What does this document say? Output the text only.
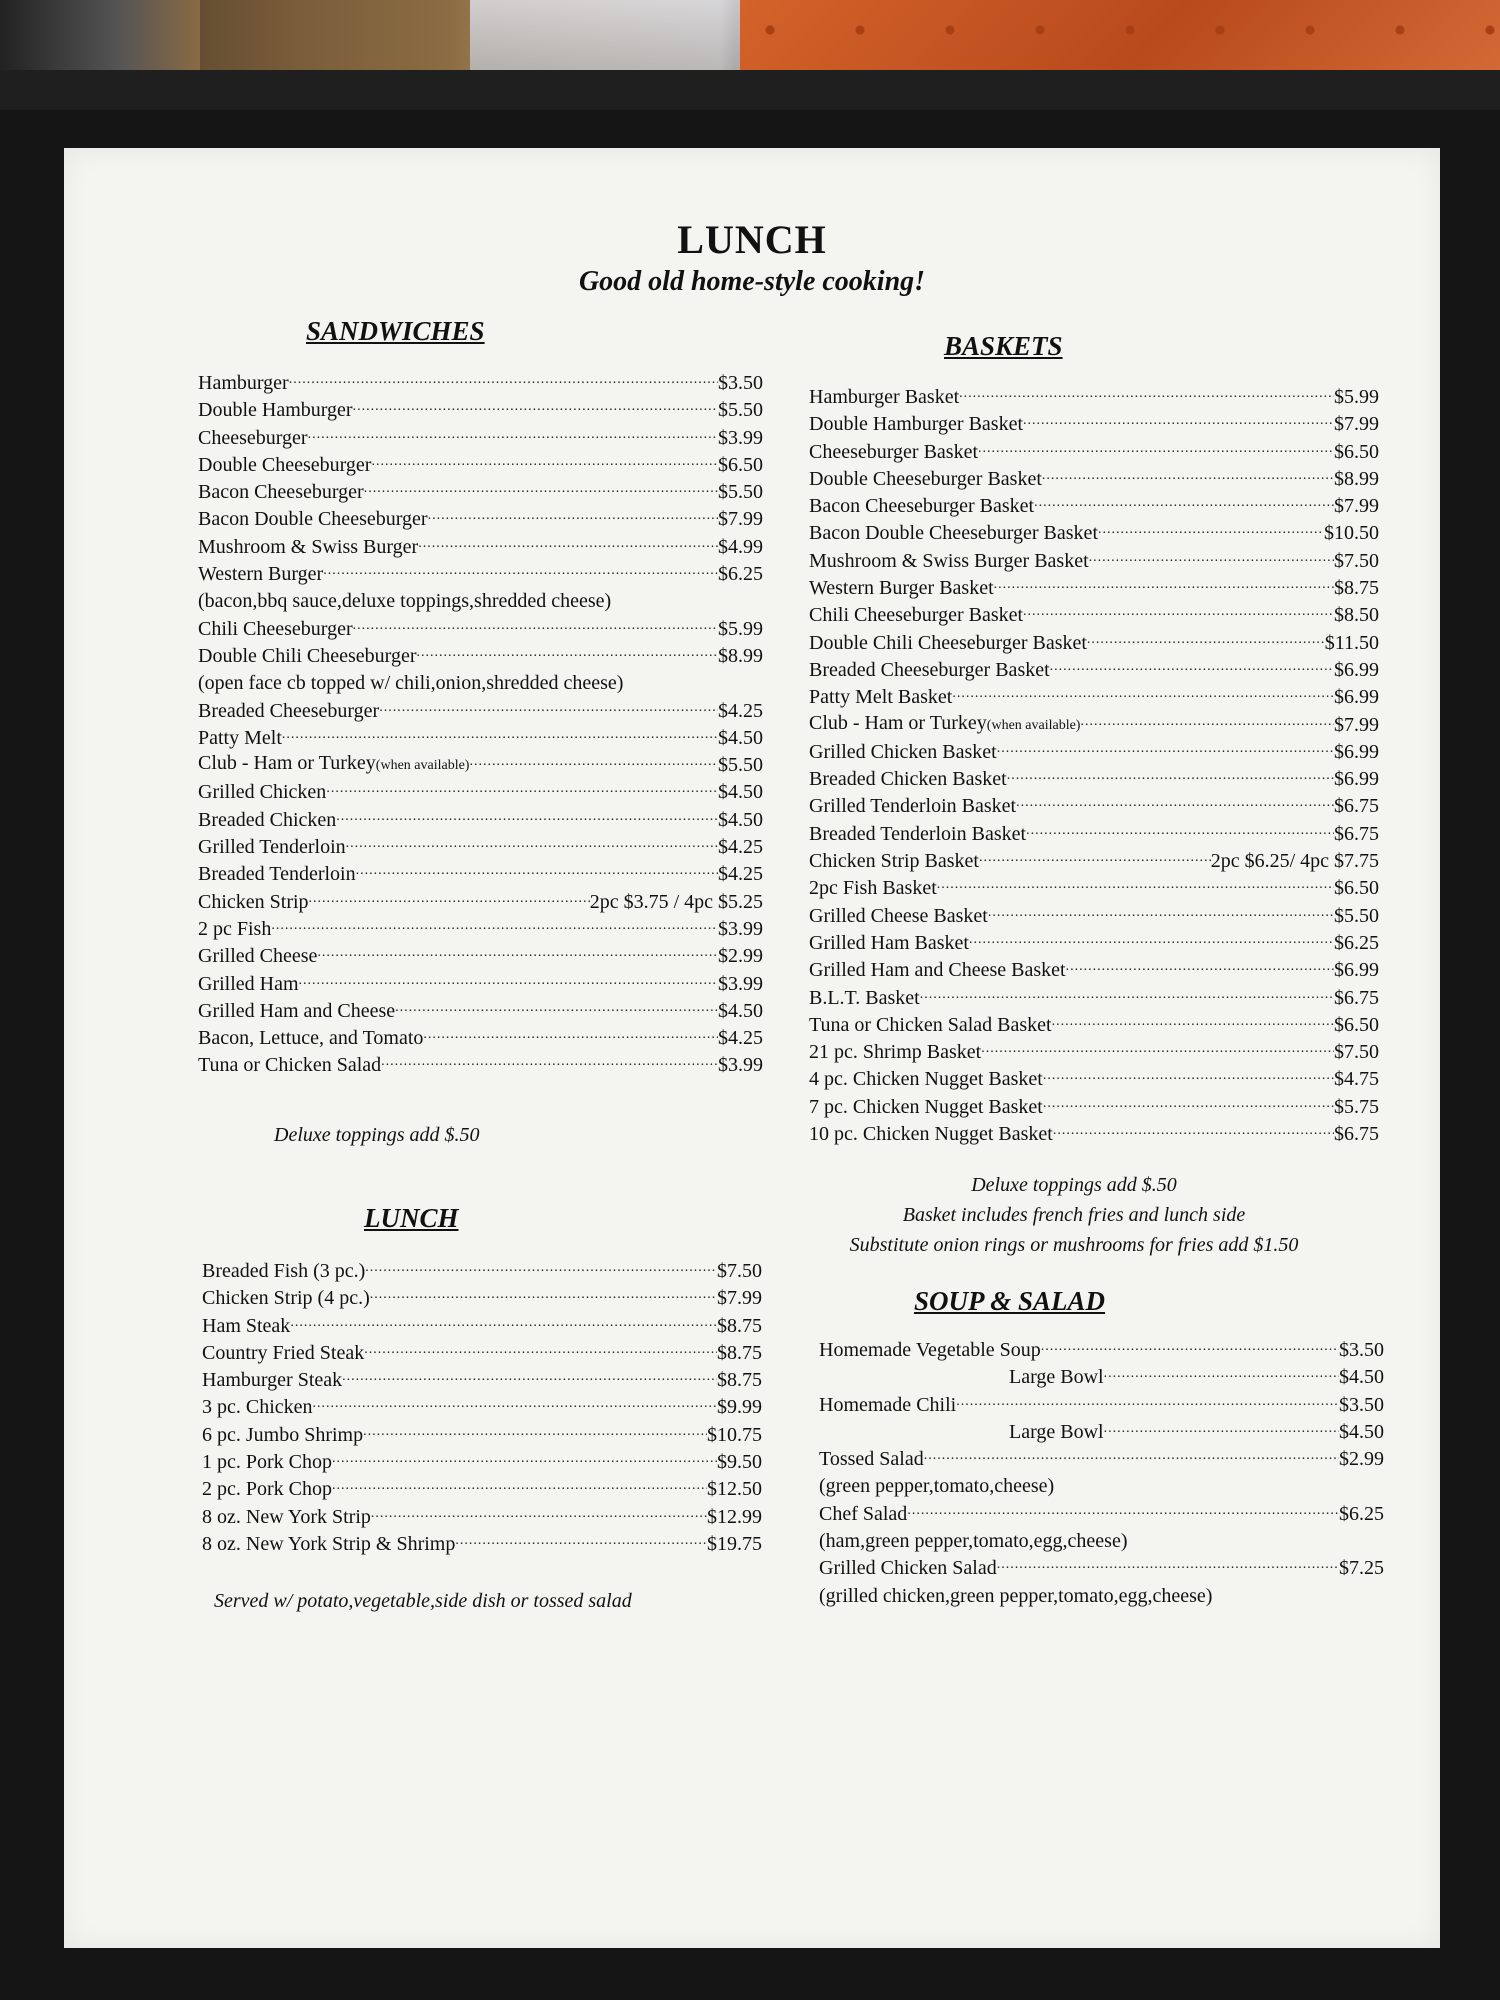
LUNCH
Good old home-style cooking!
SANDWICHES
Hamburger .....	$3.50
Double Hamburger .....	$5.50
Cheeseburger .....	$3.99
Double Cheeseburger .....	$6.50
Bacon Cheeseburger .....	$5.50
Bacon Double Cheeseburger .....	$7.99
Mushroom & Swiss Burger .....	$4.99
Western Burger .....	$6.25
(bacon,bbq sauce,deluxe toppings,shredded cheese)
Chili Cheeseburger .....	$5.99
Double Chili Cheeseburger .....	$8.99
(open face cb topped w/ chili,onion,shredded cheese)
Breaded Cheeseburger .....	$4.25
Patty Melt .....	$4.50
Club - Ham or Turkey(when available) .....	$5.50
Grilled Chicken .....	$4.50
Breaded Chicken .....	$4.50
Grilled Tenderloin .....	$4.25
Breaded Tenderloin .....	$4.25
Chicken Strip .....	2pc $3.75 / 4pc $5.25
2 pc Fish .....	$3.99
Grilled Cheese .....	$2.99
Grilled Ham .....	$3.99
Grilled Ham and Cheese .....	$4.50
Bacon, Lettuce, and Tomato .....	$4.25
Tuna or Chicken Salad .....	$3.99
Deluxe toppings add $.50
BASKETS
Hamburger Basket .....	$5.99
Double Hamburger Basket .....	$7.99
Cheeseburger Basket .....	$6.50
Double Cheeseburger Basket .....	$8.99
Bacon Cheeseburger Basket .....	$7.99
Bacon Double Cheeseburger Basket .....	$10.50
Mushroom & Swiss Burger Basket .....	$7.50
Western Burger Basket .....	$8.75
Chili Cheeseburger Basket .....	$8.50
Double Chili Cheeseburger Basket .....	$11.50
Breaded Cheeseburger Basket .....	$6.99
Patty Melt Basket .....	$6.99
Club - Ham or Turkey(when available) .....	$7.99
Grilled Chicken Basket .....	$6.99
Breaded Chicken Basket .....	$6.99
Grilled Tenderloin Basket .....	$6.75
Breaded Tenderloin Basket .....	$6.75
Chicken Strip Basket .....	2pc $6.25/ 4pc $7.75
2pc Fish Basket .....	$6.50
Grilled Cheese Basket .....	$5.50
Grilled Ham Basket .....	$6.25
Grilled Ham and Cheese Basket .....	$6.99
B.L.T. Basket .....	$6.75
Tuna or Chicken Salad Basket .....	$6.50
21 pc. Shrimp Basket .....	$7.50
4 pc. Chicken Nugget Basket .....	$4.75
7 pc. Chicken Nugget Basket .....	$5.75
10 pc. Chicken Nugget Basket .....	$6.75
Deluxe toppings add $.50
Basket includes french fries and lunch side
Substitute onion rings or mushrooms for fries add $1.50
LUNCH
Breaded Fish (3 pc.) .....	$7.50
Chicken Strip (4 pc.) .....	$7.99
Ham Steak .....	$8.75
Country Fried Steak .....	$8.75
Hamburger Steak .....	$8.75
3 pc. Chicken .....	$9.99
6 pc. Jumbo Shrimp .....	$10.75
1 pc. Pork Chop .....	$9.50
2 pc. Pork Chop .....	$12.50
8 oz. New York Strip .....	$12.99
8 oz. New York Strip & Shrimp .....	$19.75
Served w/ potato,vegetable,side dish or tossed salad
SOUP & SALAD
Homemade Vegetable Soup .....	$3.50
Large Bowl .....	$4.50
Homemade Chili .....	$3.50
Large Bowl .....	$4.50
Tossed Salad .....	$2.99
(green pepper,tomato,cheese)
Chef Salad .....	$6.25
(ham,green pepper,tomato,egg,cheese)
Grilled Chicken Salad .....	$7.25
(grilled chicken,green pepper,tomato,egg,cheese)
